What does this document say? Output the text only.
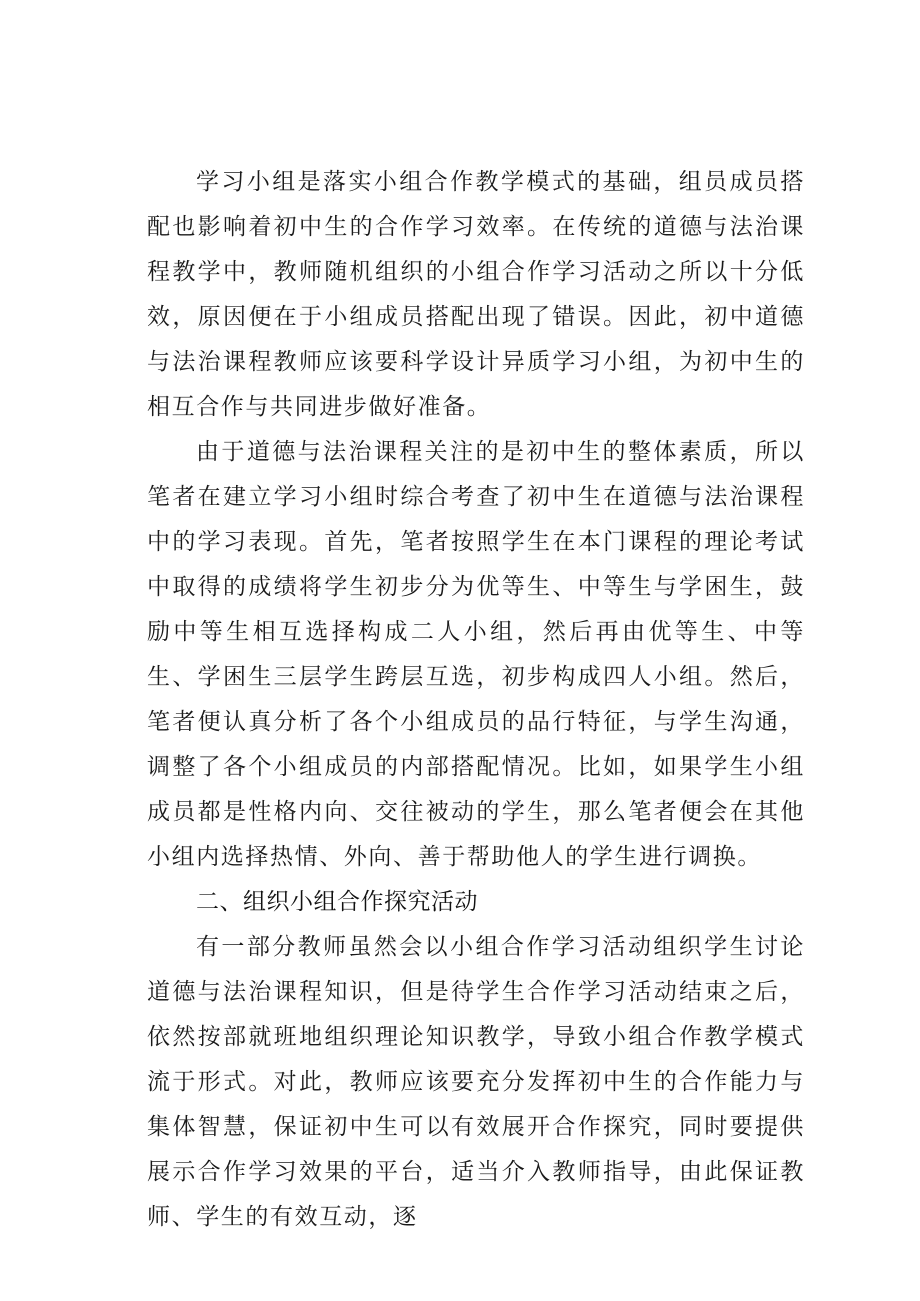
学习小组是落实小组合作教学模式的基础，组员成员搭配也影响着初中生的合作学习效率。在传统的道德与法治课程教学中，教师随机组织的小组合作学习活动之所以十分低效，原因便在于小组成员搭配出现了错误。因此，初中道德与法治课程教师应该要科学设计异质学习小组，为初中生的相互合作与共同进步做好准备。

由于道德与法治课程关注的是初中生的整体素质，所以笔者在建立学习小组时综合考查了初中生在道德与法治课程中的学习表现。首先，笔者按照学生在本门课程的理论考试中取得的成绩将学生初步分为优等生、中等生与学困生，鼓励中等生相互选择构成二人小组，然后再由优等生、中等生、学困生三层学生跨层互选，初步构成四人小组。然后，笔者便认真分析了各个小组成员的品行特征，与学生沟通，调整了各个小组成员的内部搭配情况。比如，如果学生小组成员都是性格内向、交往被动的学生，那么笔者便会在其他小组内选择热情、外向、善于帮助他人的学生进行调换。

二、组织小组合作探究活动

有一部分教师虽然会以小组合作学习活动组织学生讨论道德与法治课程知识，但是待学生合作学习活动结束之后，依然按部就班地组织理论知识教学，导致小组合作教学模式流于形式。对此，教师应该要充分发挥初中生的合作能力与集体智慧，保证初中生可以有效展开合作探究，同时要提供展示合作学习效果的平台，适当介入教师指导，由此保证教师、学生的有效互动，逐
